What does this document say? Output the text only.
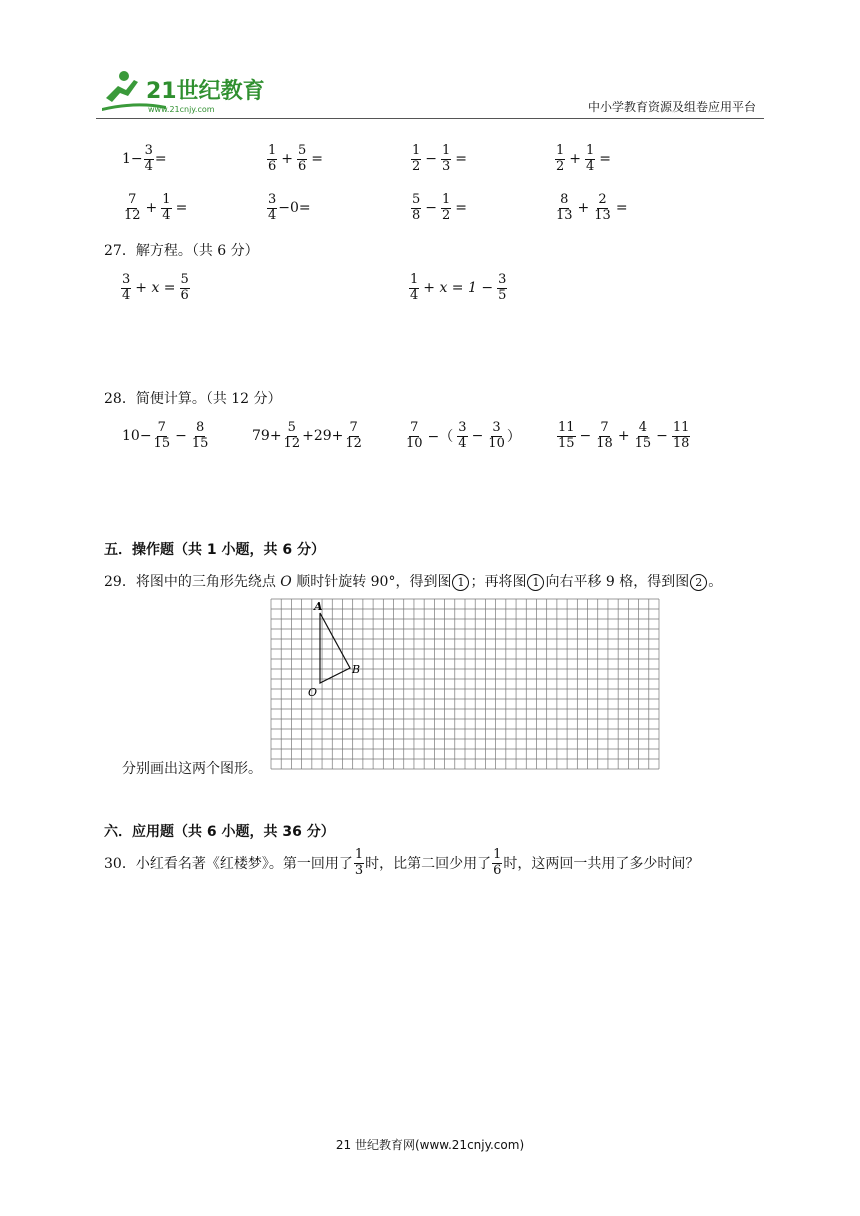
21世纪教育
www.21cnjy.com	中小学教育资源及组卷应用平台
$1- \frac{3}{4}$ =	$\frac{1}{6} + \frac{5}{6}$ =	$\frac{1}{2} - \frac{1}{3}$ =	$\frac{1}{2} + \frac{1}{4}$ =
$\frac{7}{12} + \frac{1}{4}$ =	$\frac{3}{4} -0=$	$\frac{5}{8} - \frac{1}{2}$ =	$\frac{8}{13} + \frac{2}{13}$ =
27．解方程。（共 6 分）
$\frac{3}{4} + x = \frac{5}{6}$	$\frac{1}{4} + x = 1 - \frac{3}{5}$
28．简便计算。（共 12 分）
$10- \frac{7}{15} - \frac{8}{15}$	$79+ \frac{5}{12} +29+ \frac{7}{12}$	$\frac{7}{10}$ −（ $\frac{3}{4} - \frac{3}{10}$ ）	$\frac{11}{15} - \frac{7}{18} + \frac{4}{15} - \frac{11}{18}$
五．操作题（共 1 小题，共 6 分）
29．将图中的三角形先绕点 O 顺时针旋转 90°，得到图 1 ；再将图 1 向右平移 9 格，得到图 2 。
A
B
O
分别画出这两个图形。
六．应用题（共 6 小题，共 36 分）
30．小红看名著《红楼梦》。第一回用了 $\frac{1}{3}$ 时，比第二回少用了 $\frac{1}{6}$ 时，这两回一共用了多少时间？
21 世纪教育网(www.21cnjy.com)
